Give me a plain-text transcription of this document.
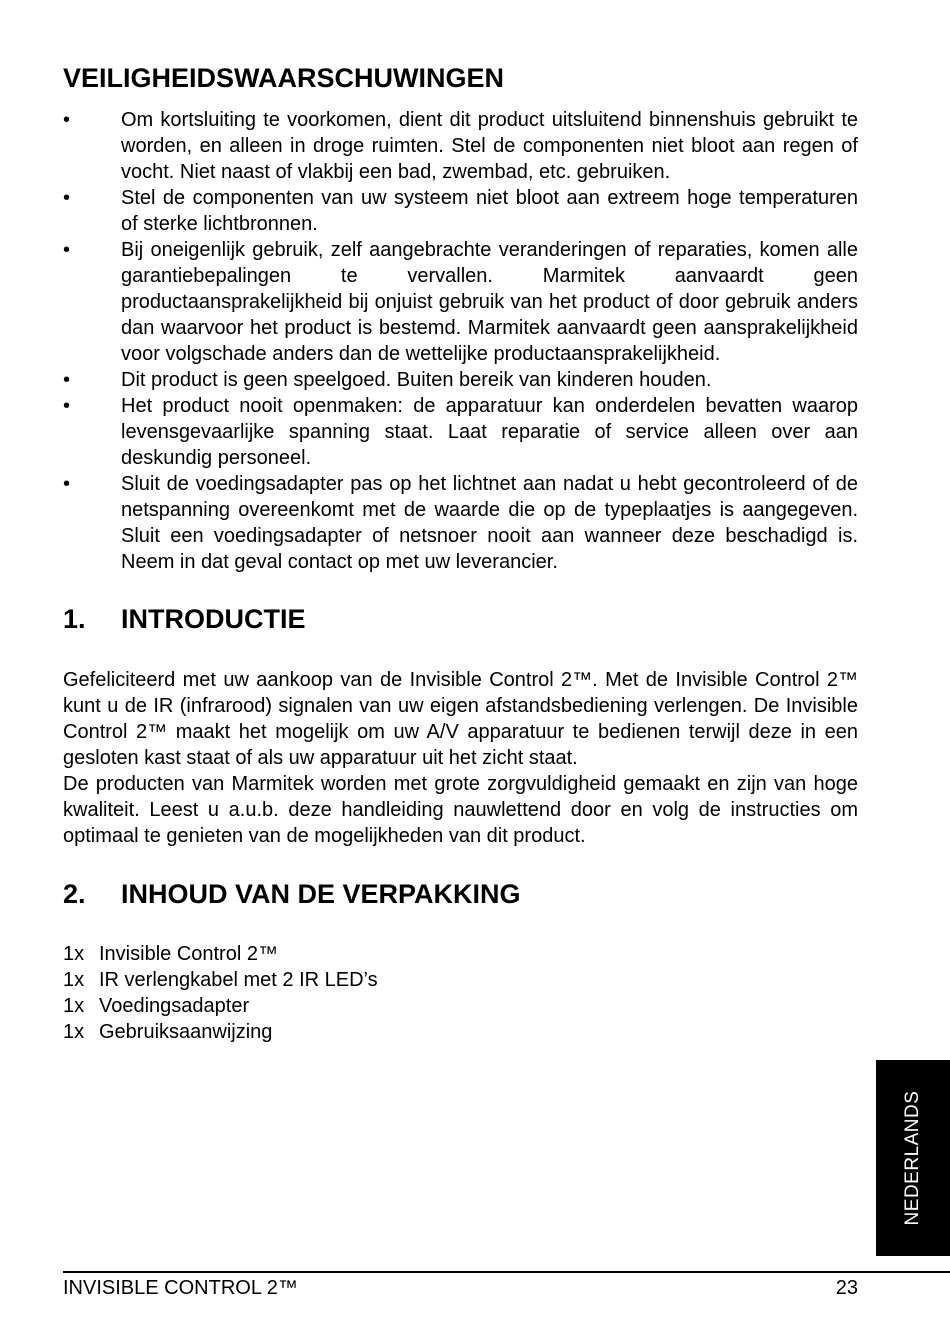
VEILIGHEIDSWAARSCHUWINGEN
•	Om kortsluiting te voorkomen, dient dit product uitsluitend binnenshuis gebruikt te worden, en alleen in droge ruimten. Stel de componenten niet bloot aan regen of vocht. Niet naast of vlakbij een bad, zwembad, etc. gebruiken.
•	Stel de componenten van uw systeem niet bloot aan extreem hoge temperaturen of sterke lichtbronnen.
•	Bij oneigenlijk gebruik, zelf aangebrachte veranderingen of reparaties, komen alle garantiebepalingen te vervallen. Marmitek aanvaardt geen productaansprakelijkheid bij onjuist gebruik van het product of door gebruik anders dan waarvoor het product is bestemd. Marmitek aanvaardt geen aansprakelijkheid voor volgschade anders dan de wettelijke productaansprakelijkheid.
•	Dit product is geen speelgoed. Buiten bereik van kinderen houden.
•	Het product nooit openmaken: de apparatuur kan onderdelen bevatten waarop levensgevaarlijke spanning staat. Laat reparatie of service alleen over aan deskundig personeel.
•	Sluit de voedingsadapter pas op het lichtnet aan nadat u hebt gecontroleerd of de netspanning overeenkomt met de waarde die op de typeplaatjes is aangegeven. Sluit een voedingsadapter of netsnoer nooit aan wanneer deze beschadigd is. Neem in dat geval contact op met uw leverancier.
1.	INTRODUCTIE

Gefeliciteerd met uw aankoop van de Invisible Control 2™. Met de Invisible Control 2™ kunt u de IR (infrarood) signalen van uw eigen afstandsbediening verlengen. De Invisible Control 2™ maakt het mogelijk om uw A/V apparatuur te bedienen terwijl deze in een gesloten kast staat of als uw apparatuur uit het zicht staat.

De producten van Marmitek worden met grote zorgvuldigheid gemaakt en zijn van hoge kwaliteit. Leest u a.u.b. deze handleiding nauwlettend door en volg de instructies om optimaal te genieten van de mogelijkheden van dit product.

2.	INHOUD VAN DE VERPAKKING
1x Invisible Control 2™
1x IR verlengkabel met 2 IR LED’s
1x Voedingsadapter
1x Gebruiksaanwijzing
NEDERLANDS
INVISIBLE CONTROL 2™	23
